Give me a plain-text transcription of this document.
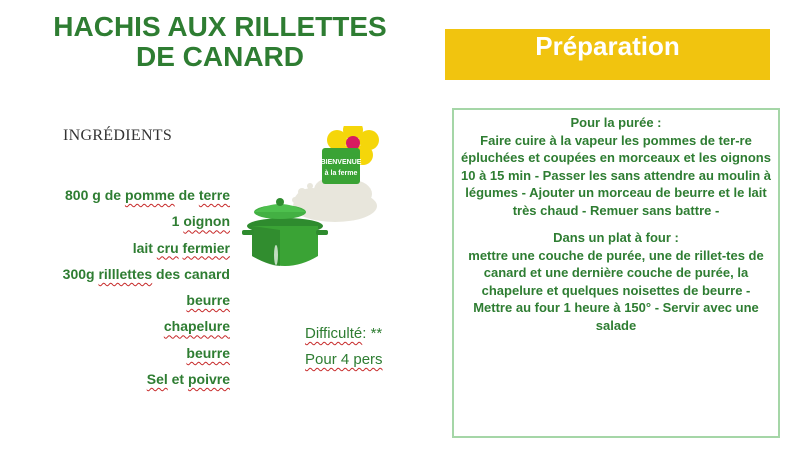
HACHIS AUX RILLETTES
DE CANARD
INGRÉDIENTS
800 g de pomme de terre
1 oignon
lait cru fermier
300g rilllettes des canard
beurre
chapelure
beurre
Sel et poivre
BIENVENUE
à la ferme
Difficulté: **
Pour 4 pers
Préparation

Pour la purée :

Faire cuire à la vapeur les pommes de ter-re épluchées et coupées en morceaux et les oignons 10 à 15 min - Passer les sans attendre au moulin à légumes - Ajouter un morceau de beurre et le lait très chaud - Remuer sans battre -

Dans un plat à four :

mettre une couche de purée, une de rillet-tes de canard et une dernière couche de purée, la chapelure et quelques noisettes de beurre -

Mettre au four 1 heure à 150° - Servir avec une salade
